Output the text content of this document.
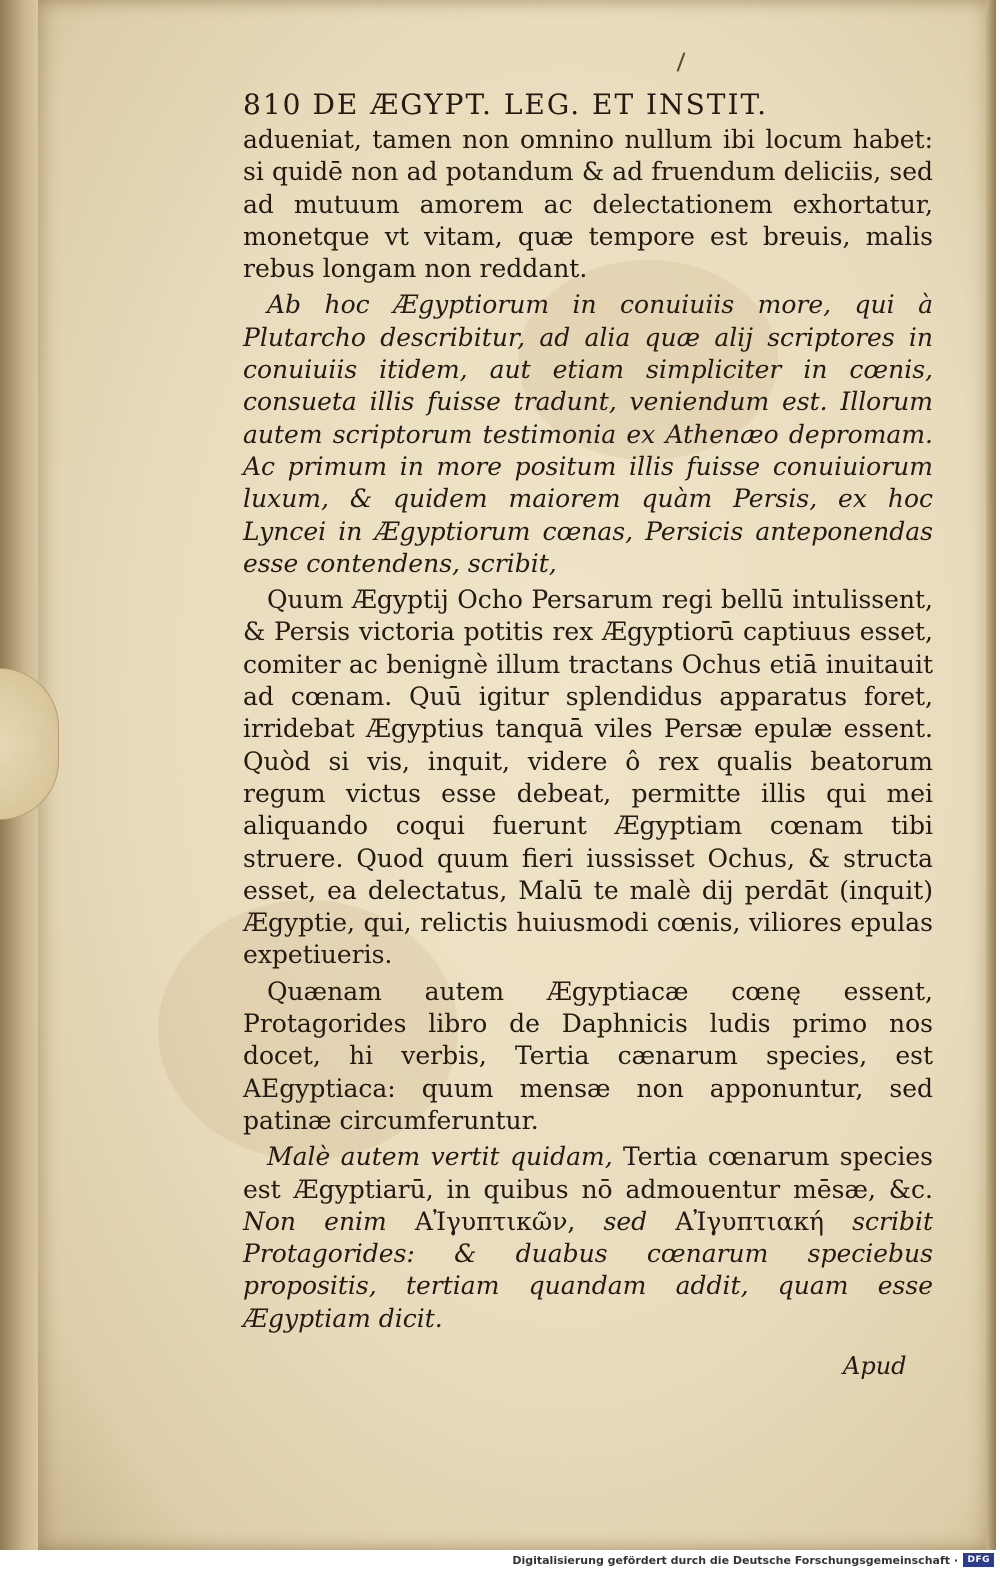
810 DE ÆGYPT. LEG. ET INSTIT.

adueniat, tamen non omnino nullum ibi locum habet: si quidē non ad potandum & ad fruendum deliciis, sed ad mutuum amorem ac delectationem exhortatur, monetque vt vitam, quæ tempore est breuis, malis rebus longam non reddant.

Ab hoc Ægyptiorum in conuiuiis more, qui à Plutarcho describitur, ad alia quæ alij scriptores in conuiuiis itidem, aut etiam simpliciter in cœnis, consueta illis fuisse tradunt, veniendum est. Illorum autem scriptorum testimonia ex Athenæo depromam. Ac primum in more positum illis fuisse conuiuiorum luxum, & quidem maiorem quàm Persis, ex hoc Lyncei in Ægyptiorum cœnas, Persicis anteponendas esse contendens, scribit,

Quum Ægyptij Ocho Persarum regi bellū intulissent, & Persis victoria potitis rex Ægyptiorū captiuus esset, comiter ac benignè illum tractans Ochus etiā inuitauit ad cœnam. Quū igitur splendidus apparatus foret, irridebat Ægyptius tanquā viles Persæ epulæ essent. Quòd si vis, inquit, videre ô rex qualis beatorum regum victus esse debeat, permitte illis qui mei aliquando coqui fuerunt Ægyptiam cœnam tibi struere. Quod quum fieri iussisset Ochus, & structa esset, ea delectatus, Malū te malè dij perdāt (inquit) Ægyptie, qui, relictis huiusmodi cœnis, viliores epulas expetiueris.

Quænam autem Ægyptiacæ cœnę essent, Protagorides libro de Daphnicis ludis primo nos docet, hi verbis, Tertia cænarum species, est AEgyptiaca: quum mensæ non apponuntur, sed patinæ circumferuntur.

Malè autem vertit quidam, Tertia cœnarum species est Ægyptiarū, in quibus nō admouentur mēsæ, &c. Non enim ΑἸγυπτικῶν, sed ΑἸγυπτιακή scribit Protagorides: & duabus cœnarum speciebus propositis, tertiam quandam addit, quam esse Ægyptiam dicit.

Apud
Digitalisierung gefördert durch die Deutsche Forschungsgemeinschaft ·	DFG
